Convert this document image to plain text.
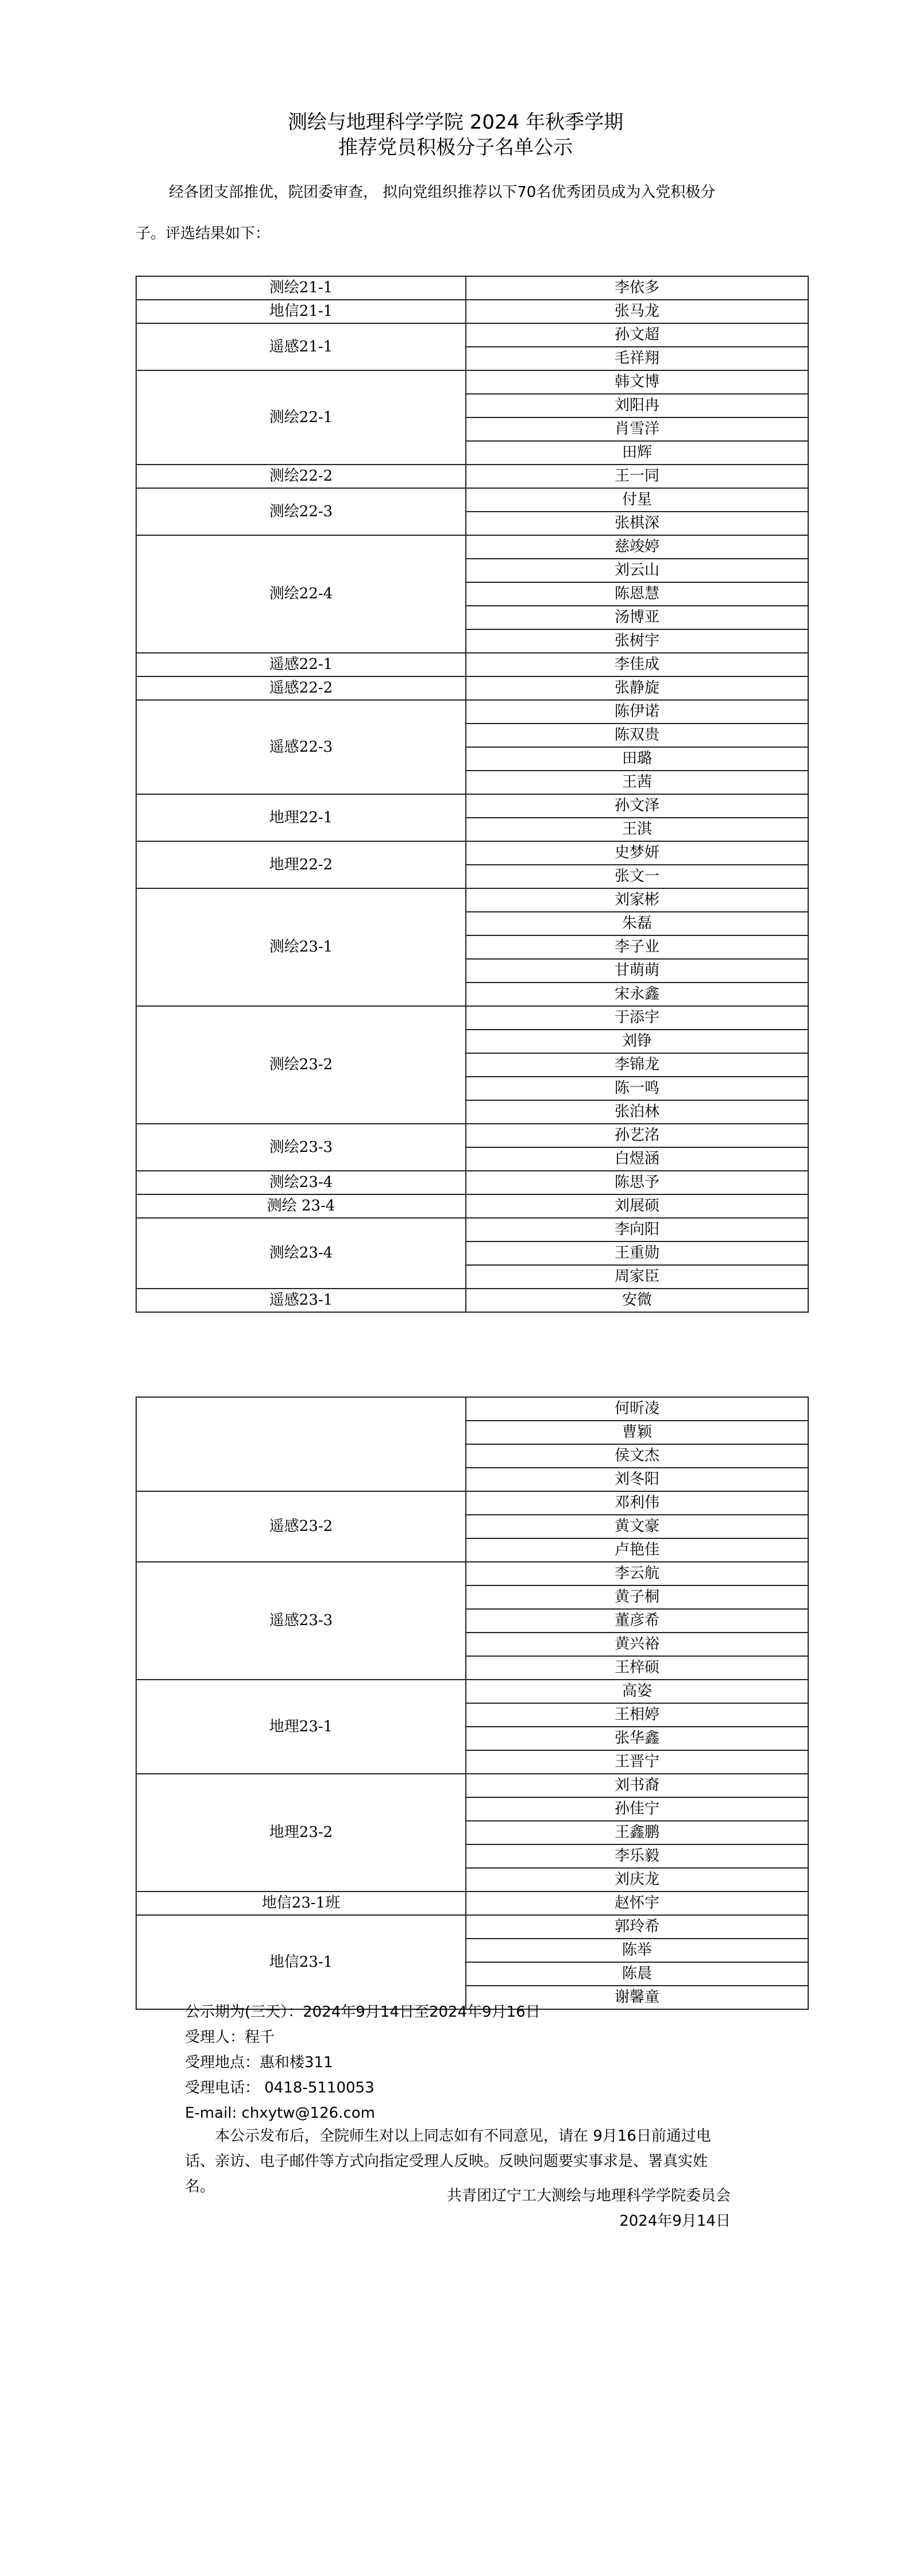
测绘与地理科学学院 2024 年秋季学期
推荐党员积极分子名单公示

经各团支部推优，院团委审查， 拟向党组织推荐以下70名优秀团员成为入党积极分

子。评选结果如下：

测绘21-1	李依多
地信21-1	张马龙
遥感21-1	孙文超
	毛祥翔
测绘22-1	韩文博
	刘阳冉
	肖雪洋
	田辉
测绘22-2	王一同
测绘22-3	付星
	张棋深
测绘22-4	慈竣婷
	刘云山
	陈恩慧
	汤博亚
	张树宇
遥感22-1	李佳成
遥感22-2	张静旋
遥感22-3	陈伊诺
	陈双贵
	田璐
	王茜
地理22-1	孙文泽
	王淇
地理22-2	史梦妍
	张文一
测绘23-1	刘家彬
	朱磊
	李子业
	甘萌萌
	宋永鑫
测绘23-2	于添宇
	刘铮
	李锦龙
	陈一鸣
	张泊林
测绘23-3	孙艺洺
	白煜涵
测绘23-4	陈思予
测绘 23-4	刘展硕
测绘23-4	李向阳
	王重勋
	周家臣
遥感23-1	安微
	何昕凌
	曹颖
	侯文杰
	刘冬阳
遥感23-2	邓利伟
	黄文豪
	卢艳佳
遥感23-3	李云航
	黄子桐
	董彦希
	黄兴裕
	王梓硕
地理23-1	高姿
	王相婷
	张华鑫
	王晋宁
地理23-2	刘书裔
	孙佳宁
	王鑫鹏
	李乐毅
	刘庆龙
地信23-1班	赵怀宇
地信23-1	郭玲希
	陈举
	陈晨
	谢馨童

公示期为(三天）：2024年9月14日至2024年9月16日

受理人：程千

受理地点：惠和楼311

受理电话： 0418-5110053

E-mail: chxytw@126.com

本公示发布后，全院师生对以上同志如有不同意见，请在 9月16日前通过电话、亲访、电子邮件等方式向指定受理人反映。反映问题要实事求是、署真实姓名。

共青团辽宁工大测绘与地理科学学院委员会

2024年9月14日
